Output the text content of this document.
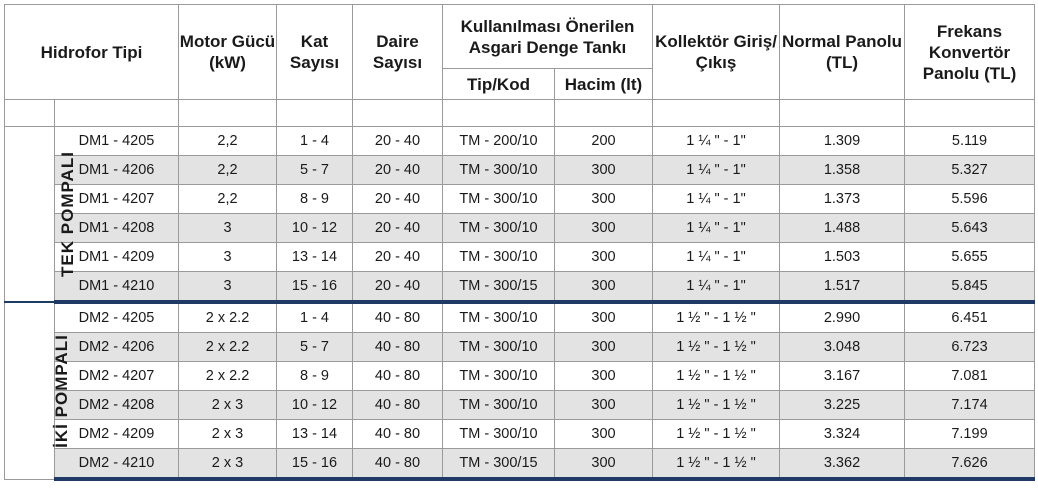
Hidrofor Tipi		Motor Gücü (kW)	Kat Sayısı	Daire Sayısı	Kullanılması Önerilen Asgari Denge Tankı		Kollektör Giriş/Çıkış	Normal Panolu (TL)	Frekans Konvertör Panolu (TL)
					Tip/Kod	Hacim (lt)			

TEK POMPALI	DM1 - 4205	2,2	1 - 4	20 - 40	TM - 200/10	200	1 ¼ " - 1"	1.309	5.119
	DM1 - 4206	2,2	5 - 7	20 - 40	TM - 300/10	300	1 ¼ " - 1"	1.358	5.327
	DM1 - 4207	2,2	8 - 9	20 - 40	TM - 300/10	300	1 ¼ " - 1"	1.373	5.596
	DM1 - 4208	3	10 - 12	20 - 40	TM - 300/10	300	1 ¼ " - 1"	1.488	5.643
	DM1 - 4209	3	13 - 14	20 - 40	TM - 300/10	300	1 ¼ " - 1"	1.503	5.655
	DM1 - 4210	3	15 - 16	20 - 40	TM - 300/15	300	1 ¼ " - 1"	1.517	5.845
İKİ POMPALI	DM2 - 4205	2 x 2.2	1 - 4	40 - 80	TM - 300/10	300	1 ½ " - 1 ½ "	2.990	6.451
	DM2 - 4206	2 x 2.2	5 - 7	40 - 80	TM - 300/10	300	1 ½ " - 1 ½ "	3.048	6.723
	DM2 - 4207	2 x 2.2	8 - 9	40 - 80	TM - 300/10	300	1 ½ " - 1 ½ "	3.167	7.081
	DM2 - 4208	2 x 3	10 - 12	40 - 80	TM - 300/10	300	1 ½ " - 1 ½ "	3.225	7.174
	DM2 - 4209	2 x 3	13 - 14	40 - 80	TM - 300/10	300	1 ½ " - 1 ½ "	3.324	7.199
	DM2 - 4210	2 x 3	15 - 16	40 - 80	TM - 300/15	300	1 ½ " - 1 ½ "	3.362	7.626
